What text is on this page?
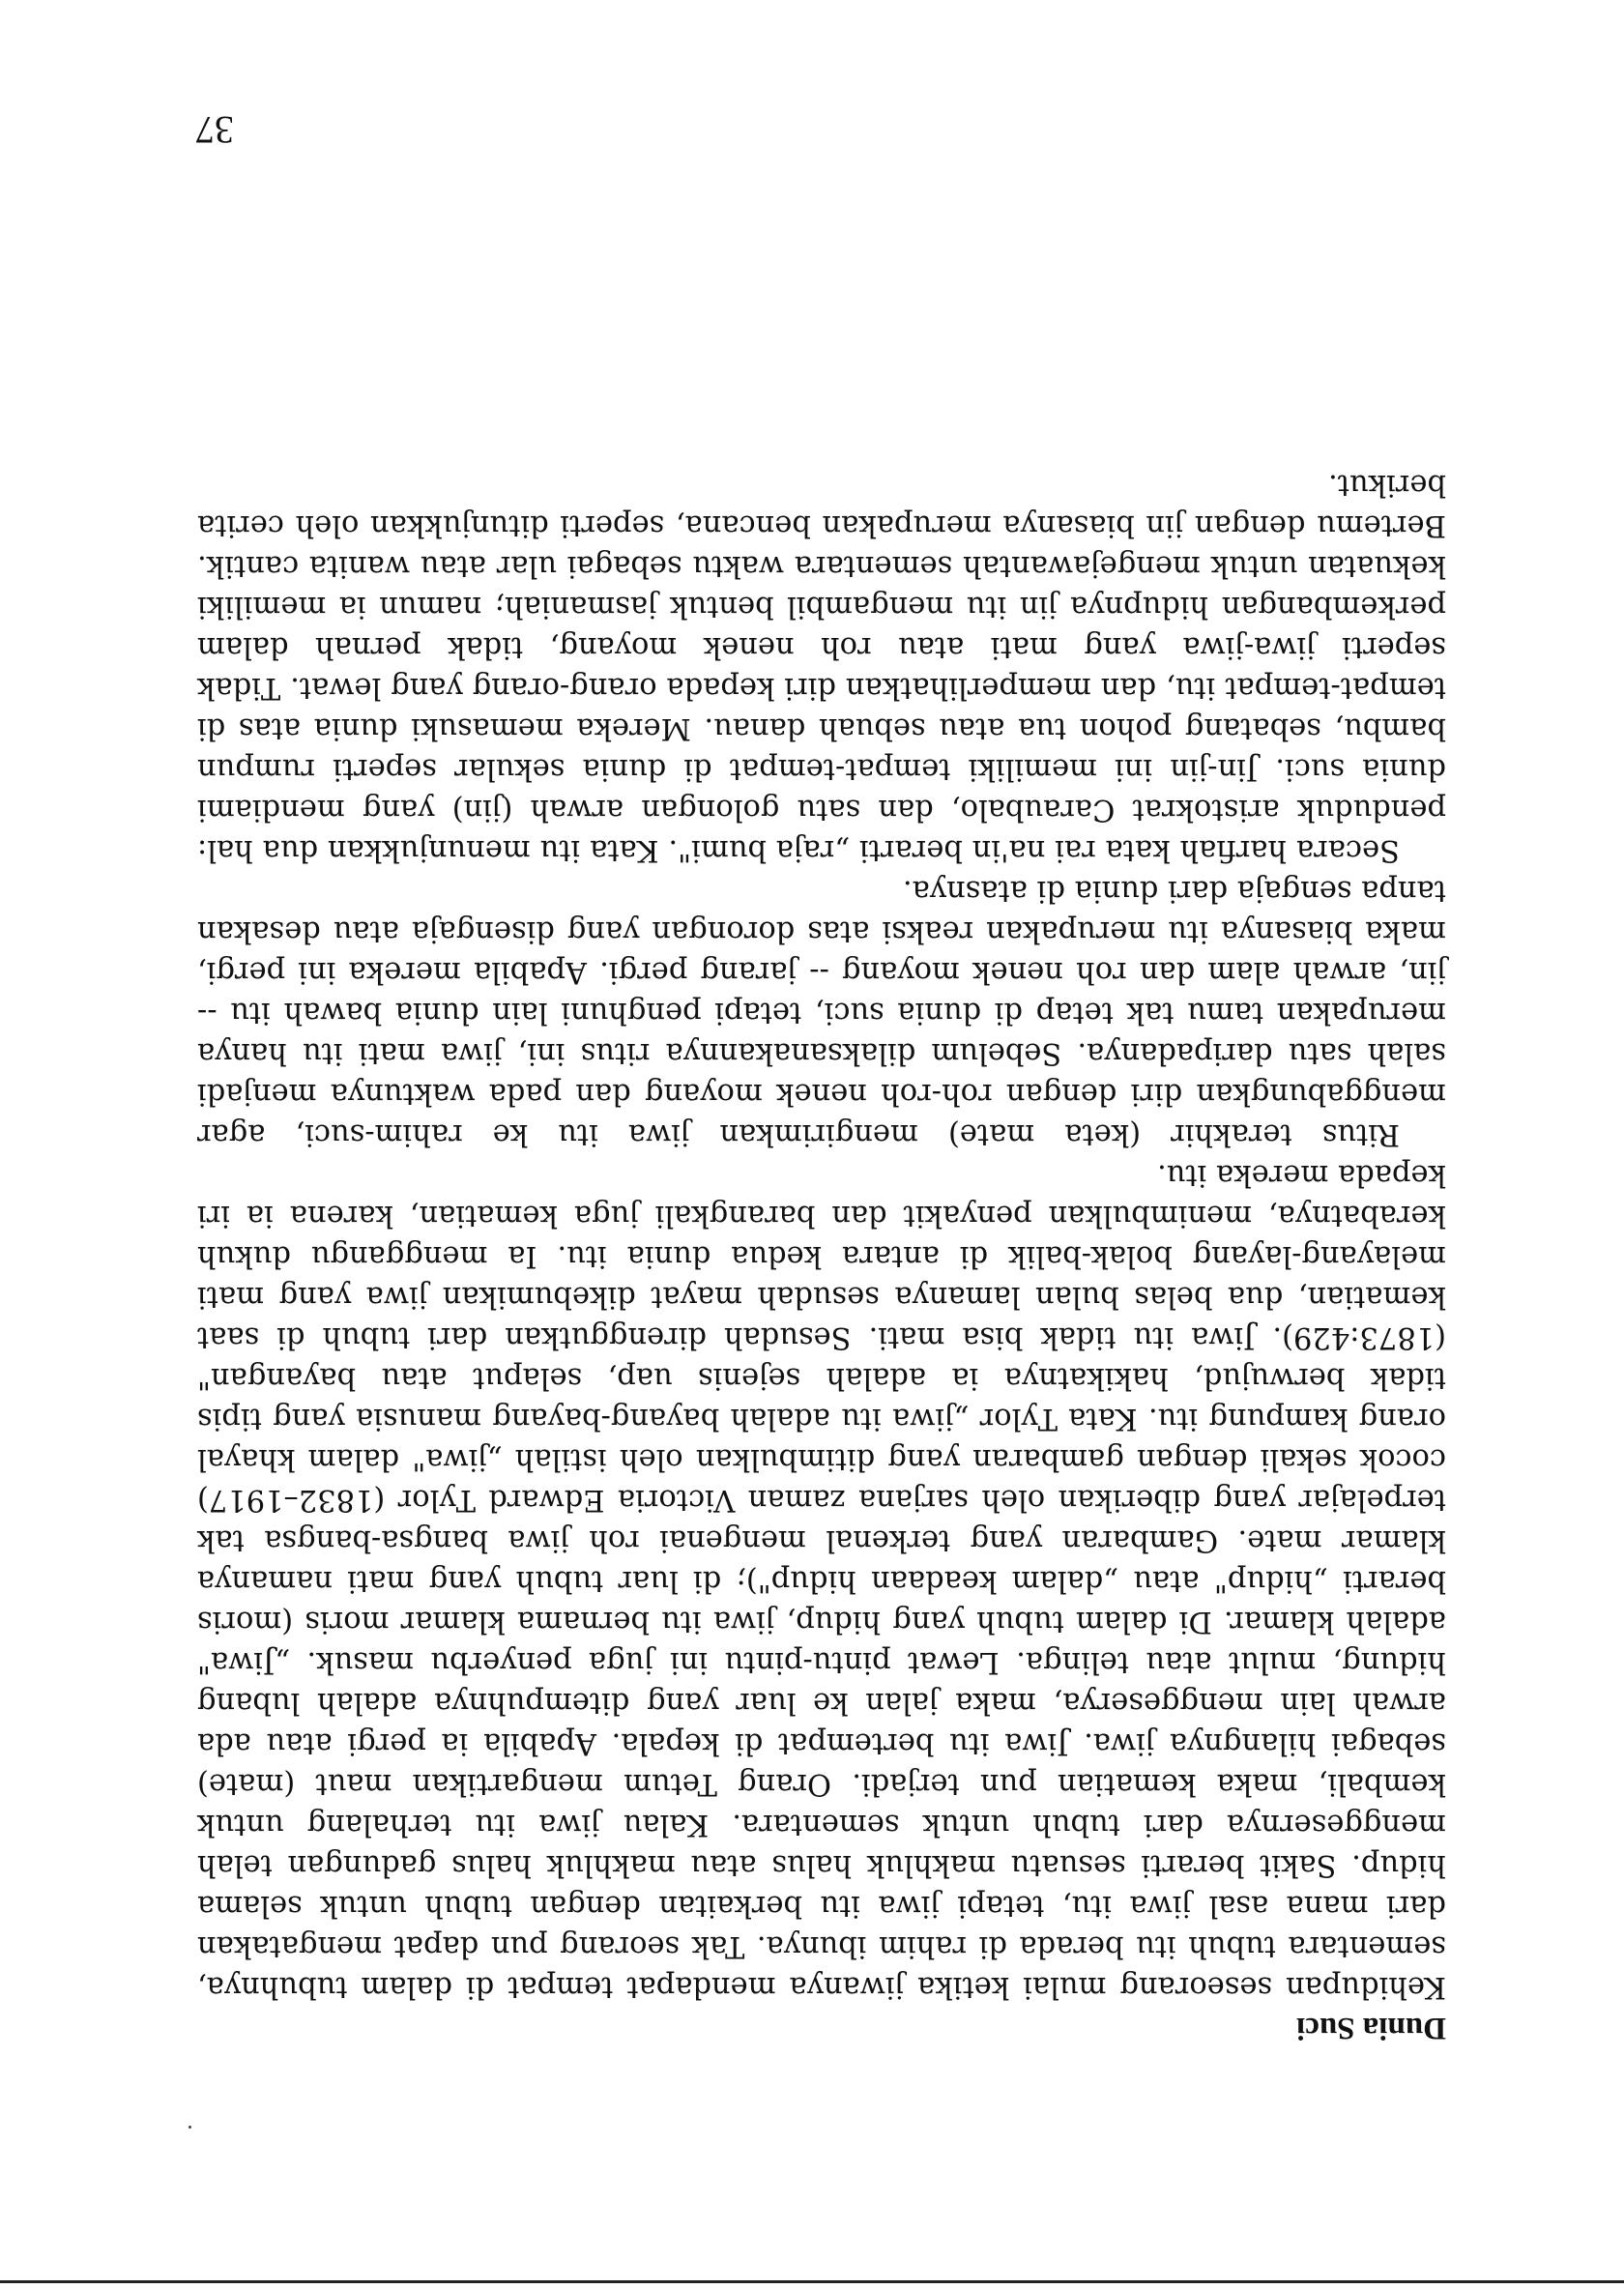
Dunia Suci

Kehidupan seseorang mulai ketika jiwanya mendapat tempat di dalam tubuhnya, sementara tubuh itu berada di rahim ibunya. Tak seorang pun dapat mengatakan dari mana asal jiwa itu, tetapi jiwa itu berkaitan dengan tubuh untuk selama hidup. Sakit berarti sesuatu makhluk halus atau makhluk halus gadungan telah menggesernya dari tubuh untuk sementara. Kalau jiwa itu terhalang untuk kembali, maka kematian pun terjadi. Orang Tetum mengartikan maut (mate) sebagai hilangnya jiwa. Jiwa itu bertempat di kepala. Apabila ia pergi atau ada arwah lain menggeserya, maka jalan ke luar yang ditempuhnya adalah lubang hidung, mulut atau telinga. Lewat pintu-pintu ini juga penyerbu masuk. „Jiwa" adalah klamar. Di dalam tubuh yang hidup, jiwa itu bernama klamar moris (moris berarti „hidup" atau „dalam keadaan hidup"); di luar tubuh yang mati namanya klamar mate. Gambaran yang terkenal mengenai roh jiwa bangsa-bangsa tak terpelajar yang diberikan oleh sarjana zaman Victoria Edward Tylor (1832–1917) cocok sekali dengan gambaran yang ditimbulkan oleh istilah „jiwa" dalam khayal orang kampung itu. Kata Tylor „jiwa itu adalah bayang-bayang manusia yang tipis tidak berwujud, hakikatnya ia adalah sejenis uap, selaput atau bayangan" (1873:429). Jiwa itu tidak bisa mati. Sesudah direnggutkan dari tubuh di saat kematian, dua belas bulan lamanya sesudah mayat dikebumikan jiwa yang mati melayang-layang bolak-balik di antara kedua dunia itu. Ia menggangu dukuh kerabatnya, menimbulkan penyakit dan barangkali juga kematian, karena ia iri kepada mereka itu.

Ritus terakhir (keta mate) mengirimkan jiwa itu ke rahim-suci, agar menggabungkan diri dengan roh-roh nenek moyang dan pada waktunya menjadi salah satu daripadanya. Sebelum dilaksanakannya ritus ini, jiwa mati itu hanya merupakan tamu tak tetap di dunia suci, tetapi penghuni lain dunia bawah itu -- jin, arwah alam dan roh nenek moyang -- jarang pergi. Apabila mereka ini pergi, maka biasanya itu merupakan reaksi atas dorongan yang disengaja atau desakan tanpa sengaja dari dunia di atasnya.

Secara harfiah kata rai na'in berarti „raja bumi". Kata itu menunjukkan dua hal: penduduk aristokrat Caraubalo, dan satu golongan arwah (jin) yang mendiami dunia suci. Jin-jin ini memiliki tempat-tempat di dunia sekular seperti rumpun bambu, sebatang pohon tua atau sebuah danau. Mereka memasuki dunia atas di tempat-tempat itu, dan memperlihatkan diri kepada orang-orang yang lewat. Tidak seperti jiwa-jiwa yang mati atau roh nenek moyang, tidak pernah dalam perkembangan hidupnya jin itu mengambil bentuk jasmaniah; namun ia memiliki kekuatan untuk mengejawantah sementara waktu sebagai ular atau wanita cantik. Bertemu dengan jin biasanya merupakan bencana, seperti ditunjukkan oleh cerita berikut.

37
